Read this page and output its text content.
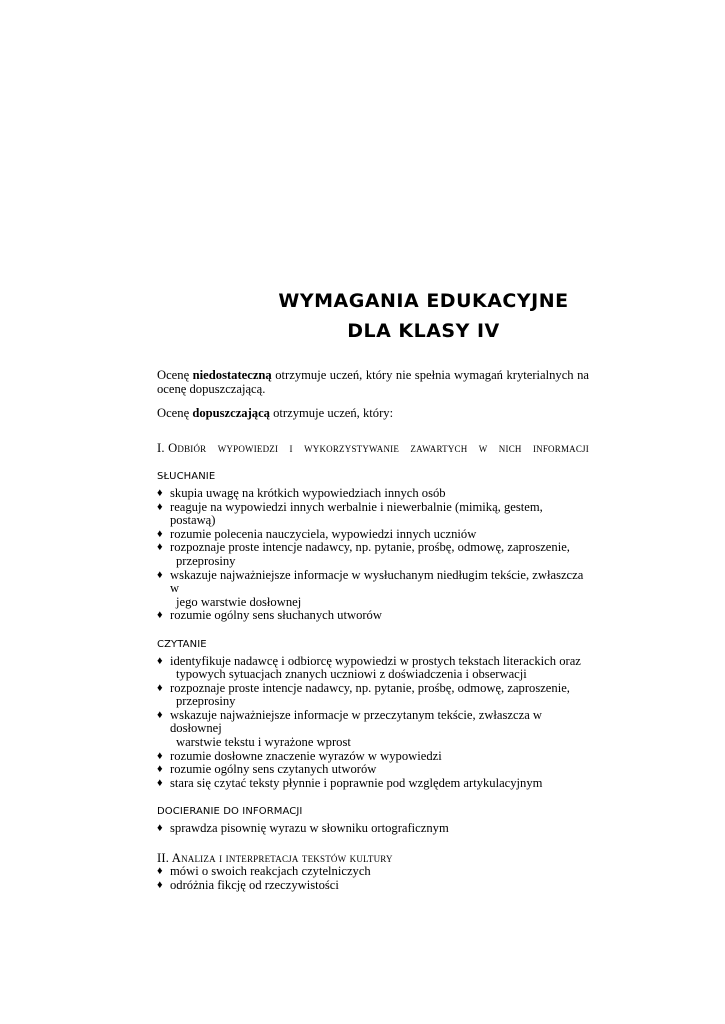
WYMAGANIA EDUKACYJNE
DLA KLASY IV

Ocenę niedostateczną otrzymuje uczeń, który nie spełnia wymagań kryterialnych na ocenę dopuszczającą.

Ocenę dopuszczającą otrzymuje uczeń, który:

I. Odbiór wypowiedzi i wykorzystywanie zawartych w nich informacji
SŁUCHANIE
♦ skupia uwagę na krótkich wypowiedziach innych osób
♦ reaguje na wypowiedzi innych werbalnie i niewerbalnie (mimiką, gestem, postawą)
♦ rozumie polecenia nauczyciela, wypowiedzi innych uczniów
♦ rozpoznaje proste intencje nadawcy, np. pytanie, prośbę, odmowę, zaproszenie,
przeprosiny
♦ wskazuje najważniejsze informacje w wysłuchanym niedługim tekście, zwłaszcza w
jego warstwie dosłownej
♦ rozumie ogólny sens słuchanych utworów
CZYTANIE
♦ identyfikuje nadawcę i odbiorcę wypowiedzi w prostych tekstach literackich oraz
typowych sytuacjach znanych uczniowi z doświadczenia i obserwacji
♦ rozpoznaje proste intencje nadawcy, np. pytanie, prośbę, odmowę, zaproszenie,
przeprosiny
♦ wskazuje najważniejsze informacje w przeczytanym tekście, zwłaszcza w dosłownej
warstwie tekstu i wyrażone wprost
♦ rozumie dosłowne znaczenie wyrazów w wypowiedzi
♦ rozumie ogólny sens czytanych utworów
♦ stara się czytać teksty płynnie i poprawnie pod względem artykulacyjnym
DOCIERANIE DO INFORMACJI
♦ sprawdza pisownię wyrazu w słowniku ortograficznym
II. Analiza i interpretacja tekstów kultury
♦ mówi o swoich reakcjach czytelniczych
♦ odróżnia fikcję od rzeczywistości
